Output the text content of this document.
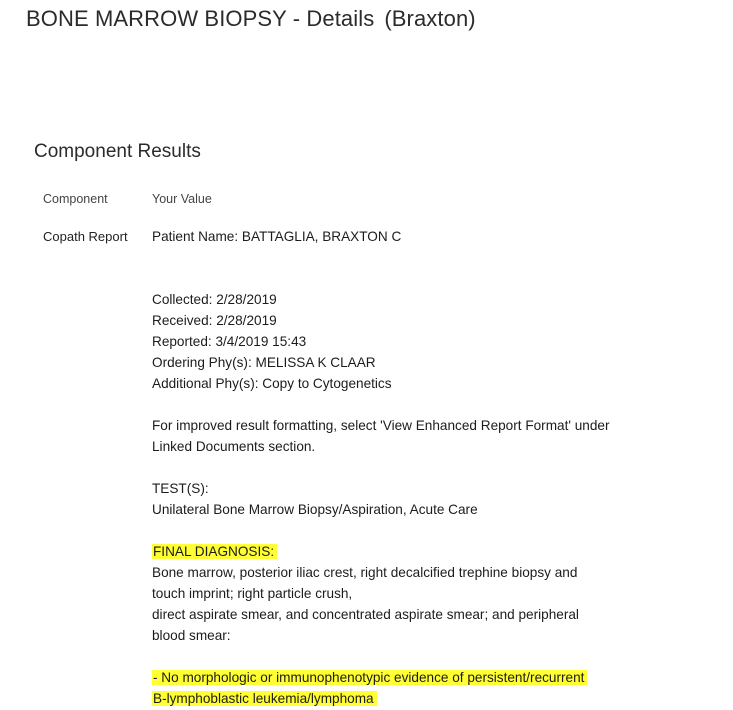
BONE MARROW BIOPSY - Details (Braxton)
Component Results
Component	Your Value
Copath Report Patient Name: BATTAGLIA, BRAXTON C
Collected: 2/28/2019
Received: 2/28/2019
Reported: 3/4/2019 15:43
Ordering Phy(s): MELISSA K CLAAR
Additional Phy(s): Copy to Cytogenetics
For improved result formatting, select 'View Enhanced Report Format' under
Linked Documents section.
TEST(S):
Unilateral Bone Marrow Biopsy/Aspiration, Acute Care
FINAL DIAGNOSIS:
Bone marrow, posterior iliac crest, right decalcified trephine biopsy and
touch imprint; right particle crush,
direct aspirate smear, and concentrated aspirate smear; and peripheral
blood smear:
- No morphologic or immunophenotypic evidence of persistent/recurrent
B-lymphoblastic leukemia/lymphoma
